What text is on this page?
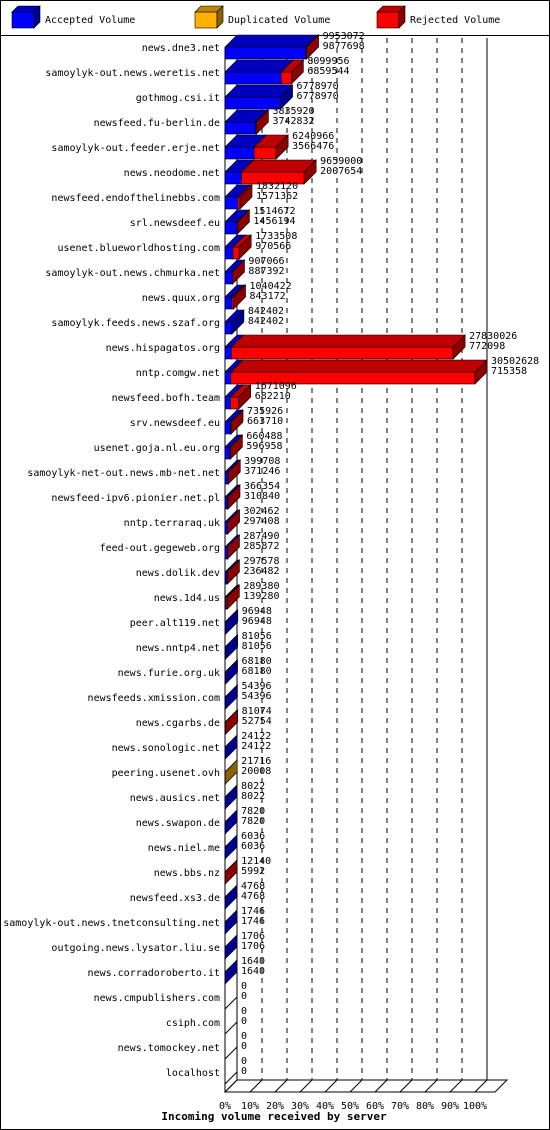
Accepted Volume	Duplicated Volume	Rejected Volume
0% 10% 20% 30% 40% 50% 60% 70% 80% 90% 100%
news.dne3.net
9953072
9877698
samoylyk-out.news.weretis.net
8099956
6859544
gothmog.csi.it
6778970
6778970
newsfeed.fu-berlin.de
3835920
3742832
samoylyk-out.feeder.erje.net
6240966
3566476
news.neodome.net
9659000
2007654
newsfeed.endofthelinebbs.com
1832120
1571362
srl.newsdeef.eu
1514672
1456194
usenet.blueworldhosting.com
1733508
970566
samoylyk-out.news.chmurka.net
907066
887392
news.quux.org
1040422
843172
samoylyk.feeds.news.szaf.org
842402
842402
news.hispagatos.org
27830026
772098
nntp.comgw.net
30502628
715358
newsfeed.bofh.team
1671096
682210
srv.newsdeef.eu
735926
663710
usenet.goja.nl.eu.org
660488
596958
samoylyk-net-out.news.mb-net.net
399708
371246
newsfeed-ipv6.pionier.net.pl
366354
310840
nntp.terraraq.uk
302462
297408
feed-out.gegeweb.org
287490
285872
news.dolik.dev
297578
236482
news.1d4.us
289380
139280
peer.alt119.net
96948
96948
news.nntp4.net
81056
81056
news.furie.org.uk
68180
68180
newsfeeds.xmission.com
54396
54396
news.cgarbs.de
81074
52754
news.sonologic.net
24122
24122
peering.usenet.ovh
21716
20008
news.ausics.net
8022
8022
news.swapon.de
7820
7820
news.niel.me
6036
6036
news.bbs.nz
12140
5992
newsfeed.xs3.de
4768
4768
samoylyk-out.news.tnetconsulting.net
1746
1746
outgoing.news.lysator.liu.se
1706
1706
news.corradoroberto.it
1640
1640
news.cmpublishers.com
0
0
csiph.com
0
0
news.tomockey.net
0
0
localhost
0
0
Incoming volume received by server
